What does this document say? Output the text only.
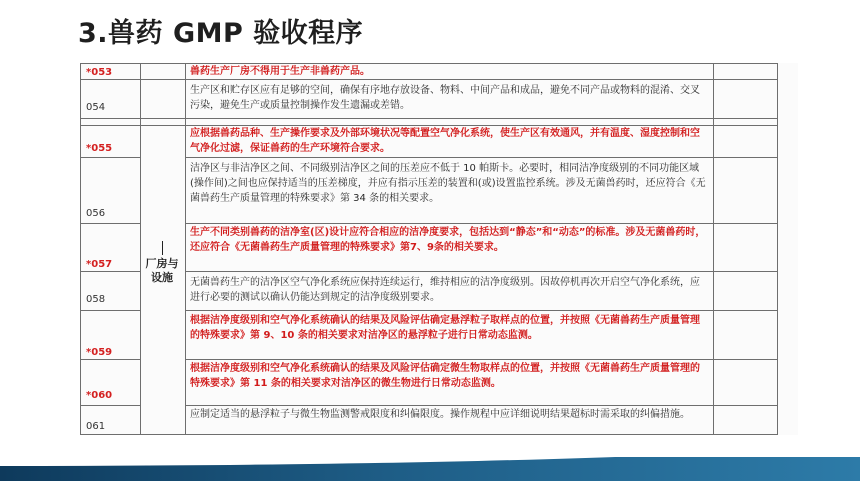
3.兽药 GMP 验收程序
*053	兽药生产厂房不得用于生产非兽药产品。
054
生产区和贮存区应有足够的空间，确保有序地存放设备、物料、中间产品和成品，避免不同产品或物料的混淆、交叉污染，避免生产或质量控制操作发生遗漏或差错。
*055
应根据兽药品种、生产操作要求及外部环境状况等配置空气净化系统，使生产区有效通风，并有温度、湿度控制和空气净化过滤，保证兽药的生产环境符合要求。
056
洁净区与非洁净区之间、不同级别洁净区之间的压差应不低于 10 帕斯卡。必要时，相同洁净度级别的不同功能区域(操作间)之间也应保持适当的压差梯度，并应有指示压差的装置和(或)设置监控系统。涉及无菌兽药时，还应符合《无菌兽药生产质量管理的特殊要求》第 34 条的相关要求。
*057
生产不同类别兽药的洁净室(区)设计应符合相应的洁净度要求，包括达到“静态”和“动态”的标准。涉及无菌兽药时，还应符合《无菌兽药生产质量管理的特殊要求》第7、9条的相关要求。
058
无菌兽药生产的洁净区空气净化系统应保持连续运行，维持相应的洁净度级别。因故停机再次开启空气净化系统，应进行必要的测试以确认仍能达到规定的洁净度级别要求。
*059
根据洁净度级别和空气净化系统确认的结果及风险评估确定悬浮粒子取样点的位置，并按照《无菌兽药生产质量管理的特殊要求》第 9、10 条的相关要求对洁净区的悬浮粒子进行日常动态监测。
*060
根据洁净度级别和空气净化系统确认的结果及风险评估确定微生物取样点的位置，并按照《无菌兽药生产质量管理的特殊要求》第 11 条的相关要求对洁净区的微生物进行日常动态监测。
061
应制定适当的悬浮粒子与微生物监测警戒限度和纠偏限度。操作规程中应详细说明结果超标时需采取的纠偏措施。
厂房与设施
